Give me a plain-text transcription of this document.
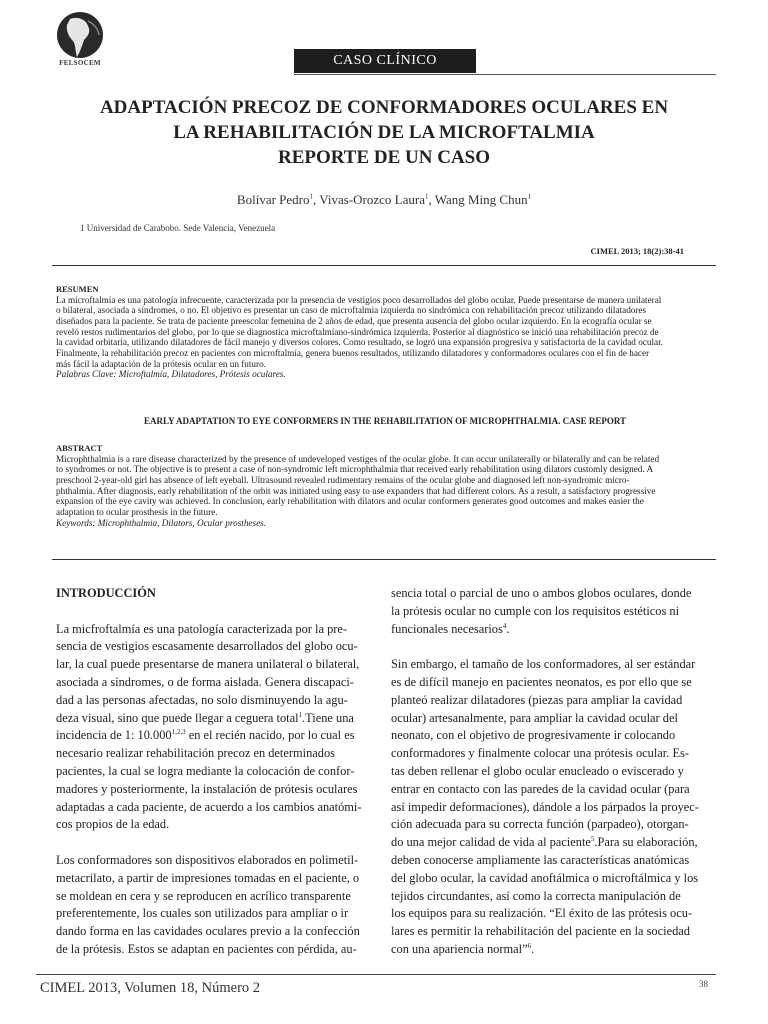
FELSOCEM	CASO CLÍNICO
ADAPTACIÓN PRECOZ DE CONFORMADORES OCULARES EN
LA REHABILITACIÓN DE LA MICROFTALMIA
REPORTE DE UN CASO
Bolívar Pedro$^1$, Vivas-Orozco Laura$^1$, Wang Ming Chun$^1$
1 Universidad de Carabobo. Sede Valencia, Venezuela
CIMEL 2013; 18(2):38-41
RESUMEN
La microftalmía es una patología infrecuente, caracterizada por la presencia de vestigios poco desarrollados del globo ocular. Puede presentarse de manera unilateral
o bilateral, asociada a síndromes, o no. El objetivo es presentar un caso de microftalmia izquierda no sindrómica con rehabilitación precoz utilizando dilatadores
diseñados para la paciente. Se trata de paciente preescolar femenina de 2 años de edad, que presenta ausencia del globo ocular izquierdo. En la ecografía ocular se
reveló restos rudimentarios del globo, por lo que se diagnostica microftalmíano-sindrómica izquierda. Posterior al diagnóstico se inició una rehabilitación precoz de
la cavidad orbitaria, utilizando dilatadores de fácil manejo y diversos colores. Como resultado, se logró una expansión progresiva y satisfactoria de la cavidad ocular.
Finalmente, la rehabilitación precoz en pacientes con microftalmía, genera buenos resultados, utilizando dilatadores y conformadores oculares con el fin de hacer
más fácil la adaptación de la prótesis ocular en un futuro.
Palabras Clave: Microftalmía, Dilatadores, Prótesis oculares.
EARLY ADAPTATION TO EYE CONFORMERS IN THE REHABILITATION OF MICROPHTHALMIA. CASE REPORT
ABSTRACT
Microphthalmia is a rare disease characterized by the presence of undeveloped vestiges of the ocular globe. It can occur unilaterally or bilaterally and can be related
to syndromes or not. The objective is to present a case of non-syndromic left microphthalmia that received early rehabilitation using dilators customly designed. A
preschool 2-year-old girl has absence of left eyeball. Ultrasound revealed rudimentary remains of the ocular globe and diagnosed left non-syndromic micro-
phthalmia. After diagnosis, early rehabilitation of the orbit was initiated using easy to use expanders that had different colors. As a result, a satisfactory progressive
expansion of the eye cavity was achieved. In conclusion, early rehabilitation with dilators and ocular conformers generates good outcomes and makes easier the
adaptation to ocular prosthesis in the future.
Keywords: Microphthalmia, Dilators, Ocular prostheses.
INTRODUCCIÓN
La micfroftalmía es una patología caracterizada por la pre-
sencia de vestigios escasamente desarrollados del globo ocu-
lar, la cual puede presentarse de manera unilateral o bilateral,
asociada a síndromes, o de forma aislada. Genera discapaci-
dad a las personas afectadas, no solo disminuyendo la agu-
deza visual, sino que puede llegar a ceguera total$^1$.Tiene una
incidencia de 1: 10.000$^{1,2,3}$ en el recién nacido, por lo cual es
necesario realizar rehabilitación precoz en determinados
pacientes, la cual se logra mediante la colocación de confor-
madores y posteriormente, la instalación de prótesis oculares
adaptadas a cada paciente, de acuerdo a los cambios anatómi-
cos propios de la edad.
Los conformadores son dispositivos elaborados en polimetil-
metacrilato, a partir de impresiones tomadas en el paciente, o
se moldean en cera y se reproducen en acrílico transparente
preferentemente, los cuales son utilizados para ampliar o ir
dando forma en las cavidades oculares previo a la confección
de la prótesis. Estos se adaptan en pacientes con pérdida, au-
sencia total o parcial de uno o ambos globos oculares, donde
la prótesis ocular no cumple con los requisitos estéticos ni
funcionales necesarios$^4$.
Sin embargo, el tamaño de los conformadores, al ser estándar
es de difícil manejo en pacientes neonatos, es por ello que se
planteó realizar dilatadores (piezas para ampliar la cavidad
ocular) artesanalmente, para ampliar la cavidad ocular del
neonato, con el objetivo de progresivamente ir colocando
conformadores y finalmente colocar una prótesis ocular. Es-
tas deben rellenar el globo ocular enucleado o eviscerado y
entrar en contacto con las paredes de la cavidad ocular (para
así impedir deformaciones), dándole a los párpados la proyec-
ción adecuada para su correcta función (parpadeo), otorgan-
do una mejor calidad de vida al paciente$^5$.Para su elaboración,
deben conocerse ampliamente las características anatómicas
del globo ocular, la cavidad anoftálmica o microftálmica y los
tejidos circundantes, así como la correcta manipulación de
los equipos para su realización. “El éxito de las prótesis ocu-
lares es permitir la rehabilitación del paciente en la sociedad
con una apariencia normal”$^6$.
CIMEL 2013, Volumen 18, Número 2	38
